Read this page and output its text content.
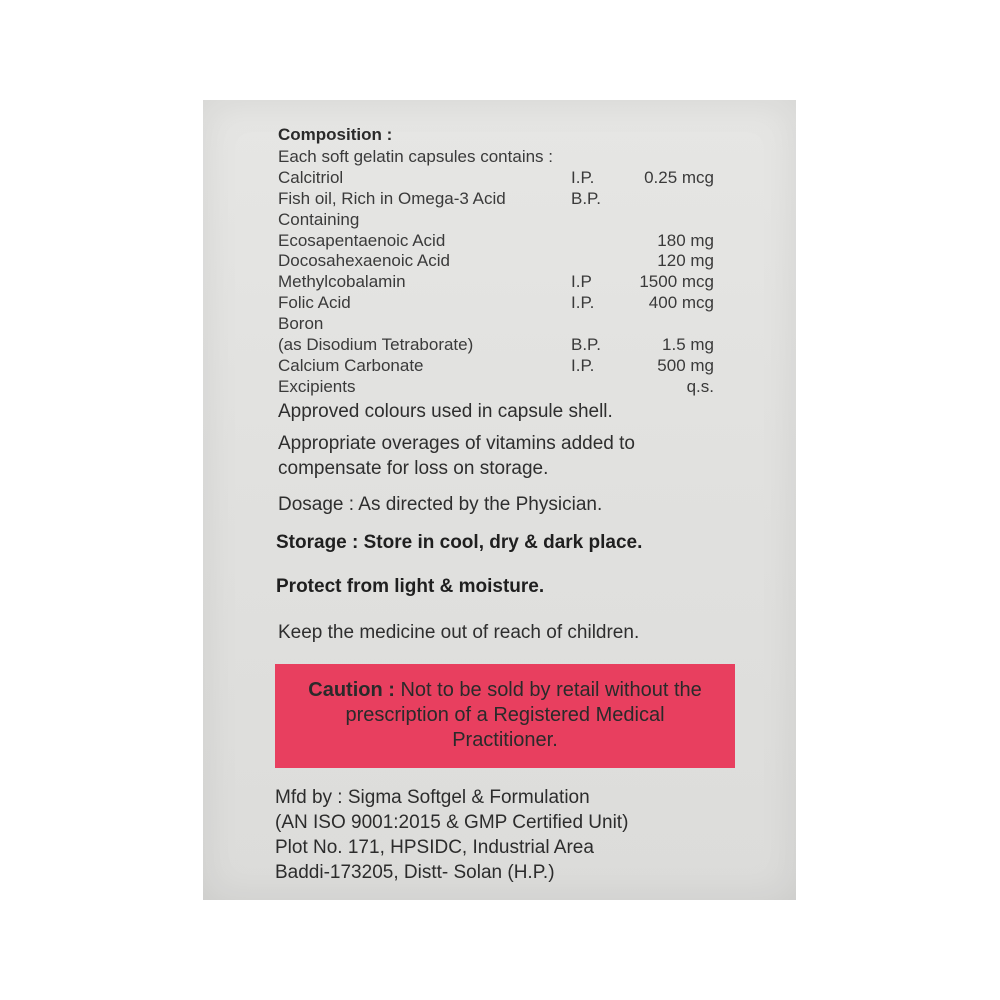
Composition :
Each soft gelatin capsules contains :
Calcitriol	I.P.	0.25 mcg
Fish oil, Rich in Omega-3 Acid	B.P.
Containing
Ecosapentaenoic Acid	180 mg
Docosahexaenoic Acid	120 mg
Methylcobalamin	I.P	1500 mcg
Folic Acid	I.P.	400 mcg
Boron
(as Disodium Tetraborate)	B.P.	1.5 mg
Calcium Carbonate	I.P.	500 mg
Excipients	q.s.
Approved colours used in capsule shell.
Appropriate overages of vitamins added to
compensate for loss on storage.
Dosage : As directed by the Physician.
Storage : Store in cool, dry & dark place.
Protect from light & moisture.
Keep the medicine out of reach of children.
Caution : Not to be sold by retail without the
prescription of a Registered Medical
Practitioner.
Mfd by : Sigma Softgel & Formulation
(AN ISO 9001:2015 & GMP Certified Unit)
Plot No. 171, HPSIDC, Industrial Area
Baddi-173205, Distt- Solan (H.P.)
